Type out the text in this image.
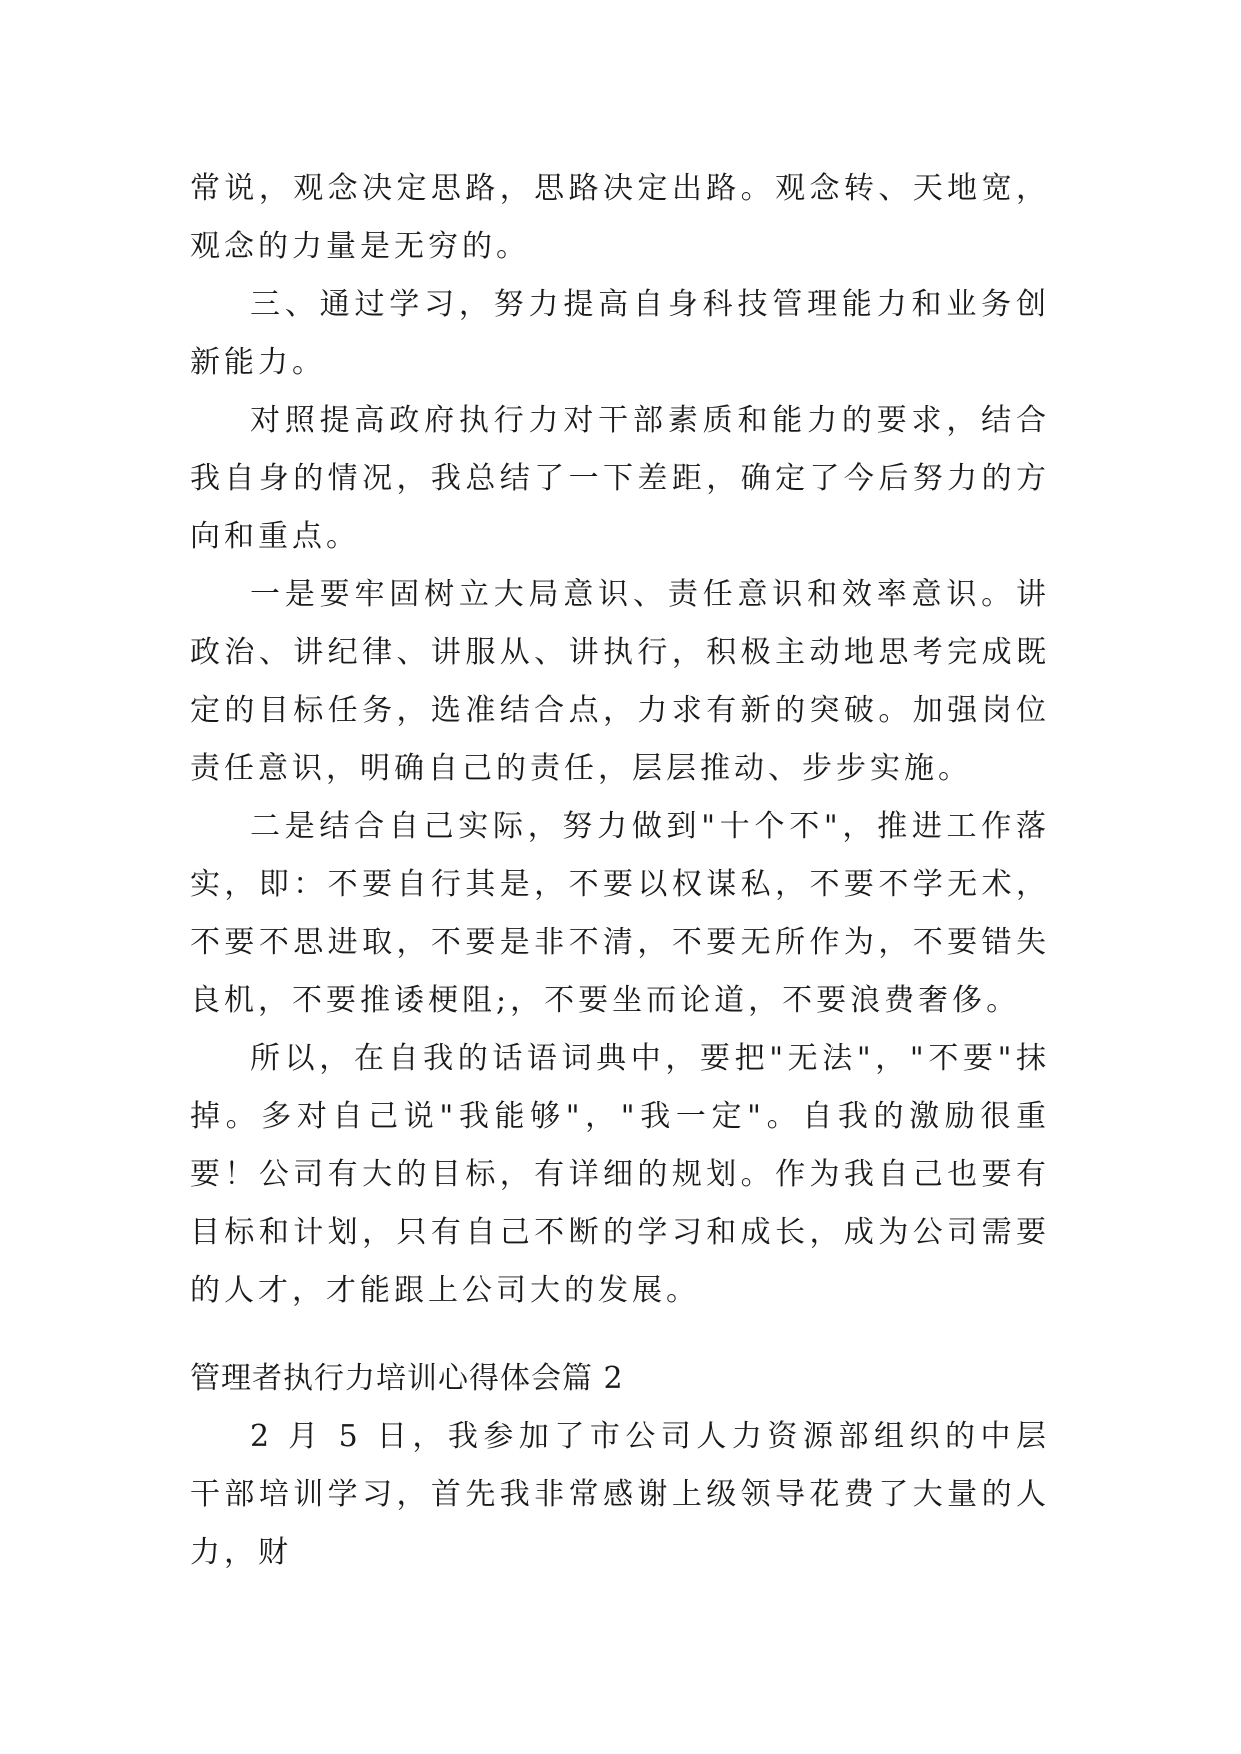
常说，观念决定思路，思路决定出路。观念转、天地宽，观念的力量是无穷的。

三、通过学习，努力提高自身科技管理能力和业务创新能力。

对照提高政府执行力对干部素质和能力的要求，结合我自身的情况，我总结了一下差距，确定了今后努力的方向和重点。

一是要牢固树立大局意识、责任意识和效率意识。讲政治、讲纪律、讲服从、讲执行，积极主动地思考完成既定的目标任务，选准结合点，力求有新的突破。加强岗位责任意识，明确自己的责任，层层推动、步步实施。

二是结合自己实际，努力做到"十个不"，推进工作落实，即：不要自行其是，不要以权谋私，不要不学无术，不要不思进取，不要是非不清，不要无所作为，不要错失良机，不要推诿梗阻;，不要坐而论道，不要浪费奢侈。

所以，在自我的话语词典中，要把"无法"，"不要"抹掉。多对自己说"我能够"，"我一定"。自我的激励很重要！公司有大的目标，有详细的规划。作为我自己也要有目标和计划，只有自己不断的学习和成长，成为公司需要的人才，才能跟上公司大的发展。

管理者执行力培训心得体会篇 2

2 月 5 日，我参加了市公司人力资源部组织的中层干部培训学习，首先我非常感谢上级领导花费了大量的人力，财
